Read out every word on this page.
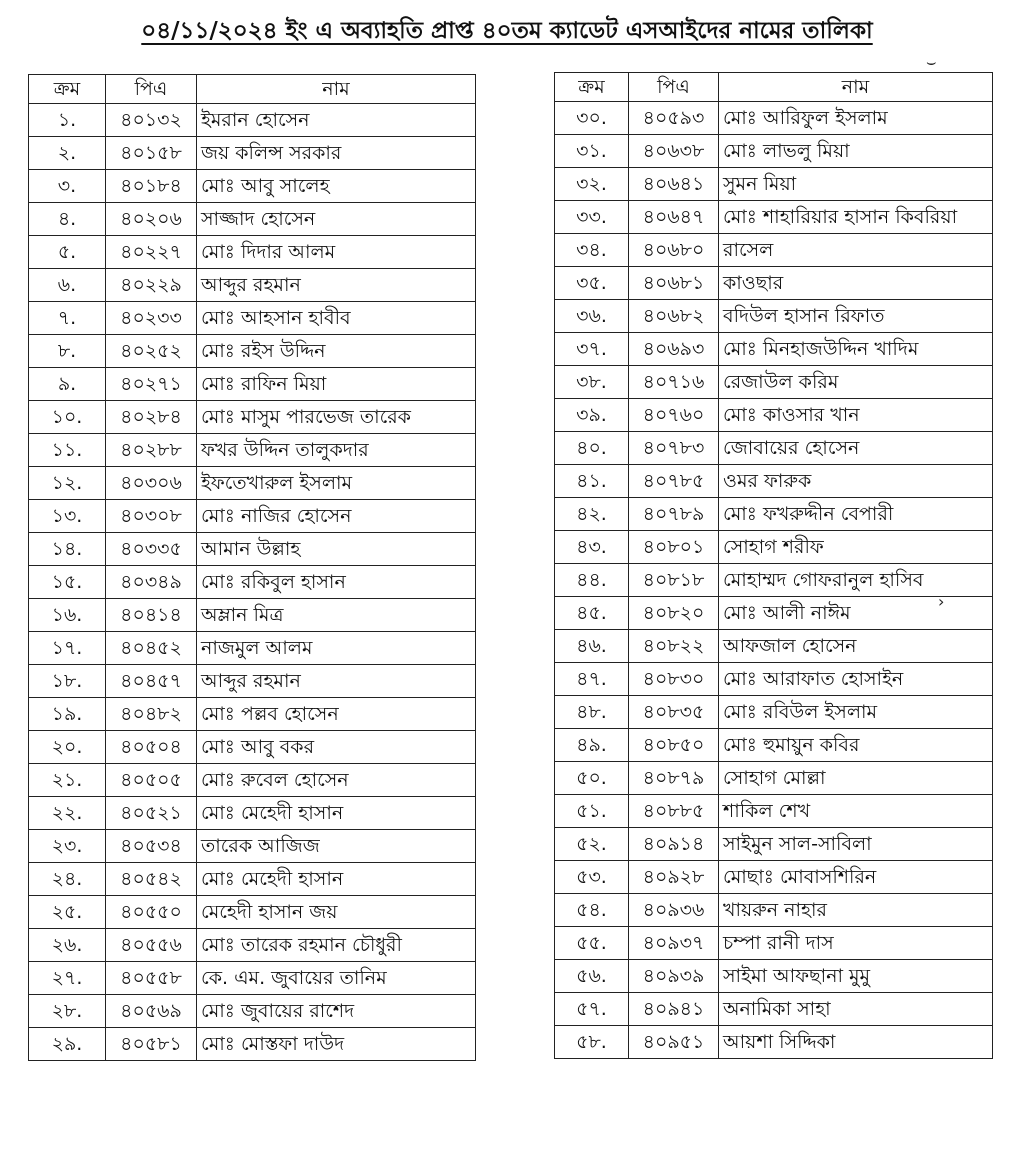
০৪/১১/২০২৪ ইং এ অব্যাহতি প্রাপ্ত ৪০তম ক্যাডেট এসআইদের নামের তালিকা
ক্রম	পিএ	নাম
১.	৪০১৩২	ইমরান হোসেন
২.	৪০১৫৮	জয় কলিন্স সরকার
৩.	৪০১৮৪	মোঃ আবু সালেহ
৪.	৪০২০৬	সাজ্জাদ হোসেন
৫.	৪০২২৭	মোঃ দিদার আলম
৬.	৪০২২৯	আব্দুর রহমান
৭.	৪০২৩৩	মোঃ আহসান হাবীব
৮.	৪০২৫২	মোঃ রইস উদ্দিন
৯.	৪০২৭১	মোঃ রাফিন মিয়া
১০.	৪০২৮৪	মোঃ মাসুম পারভেজ তারেক
১১.	৪০২৮৮	ফখর উদ্দিন তালুকদার
১২.	৪০৩০৬	ইফতেখারুল ইসলাম
১৩.	৪০৩০৮	মোঃ নাজির হোসেন
১৪.	৪০৩৩৫	আমান উল্লাহ
১৫.	৪০৩৪৯	মোঃ রকিবুল হাসান
১৬.	৪০৪১৪	অম্লান মিত্র
১৭.	৪০৪৫২	নাজমুল আলম
১৮.	৪০৪৫৭	আব্দুর রহমান
১৯.	৪০৪৮২	মোঃ পল্লব হোসেন
২০.	৪০৫০৪	মোঃ আবু বকর
২১.	৪০৫০৫	মোঃ রুবেল হোসেন
২২.	৪০৫২১	মোঃ মেহেদী হাসান
২৩.	৪০৫৩৪	তারেক আজিজ
২৪.	৪০৫৪২	মোঃ মেহেদী হাসান
২৫.	৪০৫৫০	মেহেদী হাসান জয়
২৬.	৪০৫৫৬	মোঃ তারেক রহমান চৌধুরী
২৭.	৪০৫৫৮	কে. এম. জুবায়ের তানিম
২৮.	৪০৫৬৯	মোঃ জুবায়ের রাশেদ
২৯.	৪০৫৮১	মোঃ মোস্তফা দাউদ
ক্রম	পিএ	নাম
৩০.	৪০৫৯৩	মোঃ আরিফুল ইসলাম
৩১.	৪০৬৩৮	মোঃ লাভলু মিয়া
৩২.	৪০৬৪১	সুমন মিয়া
৩৩.	৪০৬৪৭	মোঃ শাহারিয়ার হাসান কিবরিয়া
৩৪.	৪০৬৮০	রাসেল
৩৫.	৪০৬৮১	কাওছার
৩৬.	৪০৬৮২	বদিউল হাসান রিফাত
৩৭.	৪০৬৯৩	মোঃ মিনহাজউদ্দিন খাদিম
৩৮.	৪০৭১৬	রেজাউল করিম
৩৯.	৪০৭৬০	মোঃ কাওসার খান
৪০.	৪০৭৮৩	জোবায়ের হোসেন
৪১.	৪০৭৮৫	ওমর ফারুক
৪২.	৪০৭৮৯	মোঃ ফখরুদ্দীন বেপারী
৪৩.	৪০৮০১	সোহাগ শরীফ
৪৪.	৪০৮১৮	মোহাম্মদ গোফরানুল হাসিব
৪৫.	৪০৮২০	মোঃ আলী নাঈম
৪৬.	৪০৮২২	আফজাল হোসেন
৪৭.	৪০৮৩০	মোঃ আরাফাত হোসাইন
৪৮.	৪০৮৩৫	মোঃ রবিউল ইসলাম
৪৯.	৪০৮৫০	মোঃ হুমায়ুন কবির
৫০.	৪০৮৭৯	সোহাগ মোল্লা
৫১.	৪০৮৮৫	শাকিল শেখ
৫২.	৪০৯১৪	সাইমুন সাল-সাবিলা
৫৩.	৪০৯২৮	মোছাঃ মোবাসশিরিন
৫৪.	৪০৯৩৬	খায়রুন নাহার
৫৫.	৪০৯৩৭	চম্পা রানী দাস
৫৬.	৪০৯৩৯	সাইমা আফছানা মুমু
৫৭.	৪০৯৪১	অনামিকা সাহা
৫৮.	৪০৯৫১	আয়শা সিদ্দিকা
⌣
›
